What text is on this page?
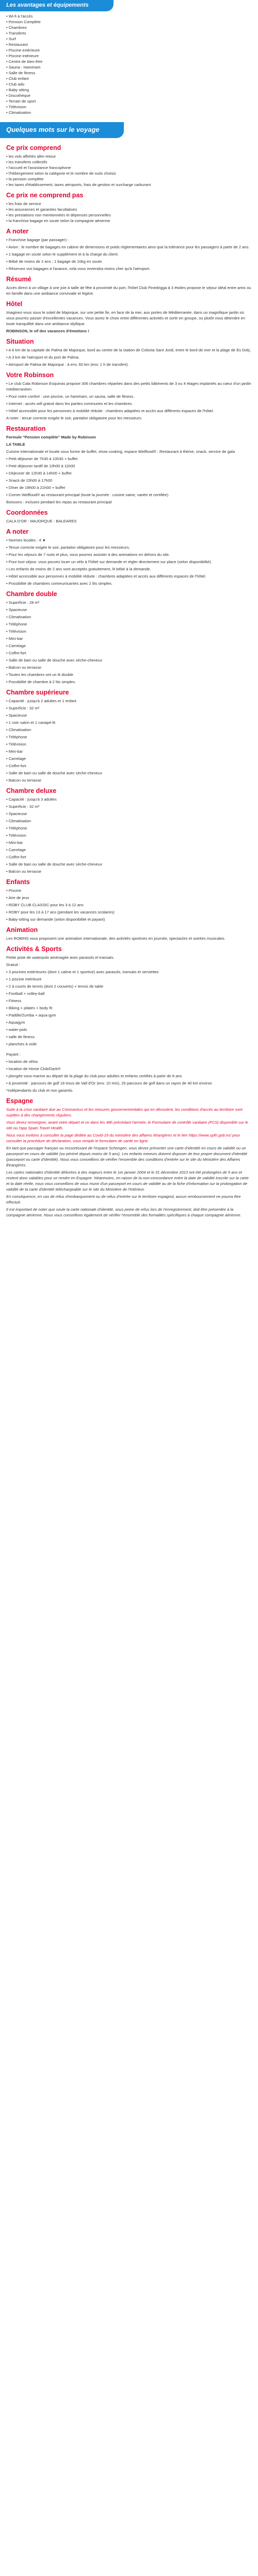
Les avantages et équipements
• Wi-fi à l'accès
• Pension Complète
• Chambres
• Transferts
• Surf
• Restaurant
• Piscine extérieure
• Piscine intérieure
• Centre de bien-être
• Sauna - Hammam
• Salle de fitness
• Club enfant
• Club ado
• Baby sitting
• Discothèque
• Terrain de sport
• Télévision
• Climatisation
Quelques mots sur le voyage
Ce prix comprend
• les vols affrétés aller-retour
• les transferts collectifs
• l'accueil et l'assistance francophone
• l'hébergement selon la catégorie et le nombre de nuits choisis
• la pension complète
• les taxes d'établissement, taxes aéroports, frais de gestion et surcharge carburant
Ce prix ne comprend pas
• les frais de service
• les assurances et garanties facultatives
• les prestations non mentionnées et dépenses personnelles
• la franchise bagage en soute selon la compagnie aérienne
A noter

• Franchise bagage (par passager) :

• Avion : le nombre de bagages en cabine de dimensions et poids réglementaires ainsi que la tolérance pour les passagers à partir de 2 ans.

• 1 bagage en soute selon le supplément et à la charge du client.

• Bébé de moins de 2 ans : 1 bagage de 10kg en soute.

• Réservez vos bagages à l'avance, cela vous reviendra moins cher qu'à l'aéroport.

Résumé

Accès direct à un village à une joie à taille de fête à proximité du port, l'hôtel Club Pinedrigga à 3 étoiles propose le séjour idéal entre amis ou en famille dans une ambiance conviviale et légère.

Hôtel

Imaginez-vous sous le soleil de Majorque, sur une petite île, en face de la mer, aux portes de Méditerranée, dans un magnifique jardin où vous pourrez passer d'excellentes vacances. Vous aurez le choix entre différentes activités et sortir en groupe, ou plutôt vous détendre en toute tranquillité dans une ambiance idyllique.

ROBINSON, le vif des vacances d'émotions !

Situation

• A 6 km de la capitale de Palma de Majorque, bord au centre de la station de Colonia Sant Jordi, entre le bord de mer et la plage de Es Dolç.

• A 3 km de l'aéroport et du port de Palma.

• Aéroport de Palma de Majorque : à env. 60 km (env. 1 h de transfert).

Votre Robinson

• Le club Cala Robinson Esquinas propose 306 chambres réparties dans des petits bâtiments de 3 ou 4 étages implantés au cœur d'un jardin méditerranéen.

• Pour votre confort : une piscine, un hammam, un sauna, salle de fitness.

• Internet : accès wifi gratuit dans les parties communes et les chambres.

• Hôtel accessible pour les personnes à mobilité réduite : chambres adaptées et accès aux différents espaces de l'hôtel.

A noter : tenue correcte exigée le soir, pantalon obligatoire pour les messieurs.

Restauration

Formule "Pension complète" Made by Robinson

LA TABLE

Cuisine internationale et locale sous forme de buffet, show cooking, espace Wellfood® : Restaurant à thème, snack, service de gala

• Petit déjeuner de 7h30 à 10h30 + buffet

• Petit déjeuner tardif de 10h00 à 11h00

• Déjeuner de 12h30 à 14h00 + buffet

• Snack de 15h00 à 17h00

• Dîner de 19h00 à 21h00 + buffet

• Corner Wellfood® au restaurant principal (toute la journée : cuisine saine, variée et certifiée)

Boissons : incluses pendant les repas au restaurant principal

Coordonnées

CALA D'OR - MAJORQUE - BALEARES

A noter

• Normes locales : 4 ★

• Tenue correcte exigée le soir, pantalon obligatoire pour les messieurs.

• Pour les séjours de 7 nuits et plus, vous pourrez assister à des animations en dehors du site.

• Pour tout séjour, vous pouvez louer un vélo à l'hôtel sur demande et régler directement sur place (selon disponibilité).

• Les enfants de moins de 2 ans sont acceptés gratuitement, lit bébé à la demande.

• Hôtel accessible aux personnes à mobilité réduite : chambres adaptées et accès aux différents espaces de l'hôtel.

• Possibilité de chambres communicantes avec 2 lits simples.

Chambre double

• Superficie : 28 m²

• Spacieuse

• Climatisation

• Téléphone

• Télévision

• Mini-bar

• Carrelage

• Coffre-fort

• Salle de bain ou salle de douche avec sèche-cheveux

• Balcon ou terrasse

• Toutes les chambres ont un lit double

• Possibilité de chambre à 2 lits simples.

Chambre supérieure

• Capacité : jusqu'à 2 adultes et 1 enfant

• Superficie : 32 m²

• Spacieuse

• 1 coin salon et 1 canapé-lit

• Climatisation

• Téléphone

• Télévision

• Mini-bar

• Carrelage

• Coffre-fort

• Salle de bain ou salle de douche avec sèche-cheveux

• Balcon ou terrasse

Chambre deluxe

• Capacité : jusqu'à 3 adultes

• Superficie : 32 m²

• Spacieuse

• Climatisation

• Téléphone

• Télévision

• Mini-bar

• Carrelage

• Coffre-fort

• Salle de bain ou salle de douche avec sèche-cheveux

• Balcon ou terrasse

Enfants

• Piscine

• Aire de jeux

• ROBY CLUB CLASSIC pour les 3 à 12 ans

• ROBY pour les 13 à 17 ans (pendant les vacances scolaires)

• Baby-sitting sur demande (selon disponibilité et payant)

Animation

Les ROBINS vous proposent une animation internationale, des activités sportives en journée, spectacles et soirées musicales.

Activités & Sports

Petite piste de waterpolo aménagée avec parasols et transats.

Gratuit :

• 3 piscines extérieures (dont 1 calme et 1 sportive) avec parasols, transats et serviettes

• 1 piscine intérieure

• 2 à courts de tennis (dont 2 couverts) + tennis de table

• Football + volley-ball

• Fitness

• Biking + pilates + body fit

• Paddle/Zumba + aqua-gym

• Aquagym

• water-polo

• salle de fitness

• planches à voile

Payant :

• location de vélos

• location de Horse Club/Dark®

• plongée sous-marine au départ de la plage du club pour adultes et enfants certifiés à partir de 8 ans

• à proximité : parcours de golf 18 trous de Vall d'Or (env. 10 min), 25 parcours de golf dans un rayon de 40 km environ

*Indépendants du club et non garantis.

Espagne

Suite à la crise sanitaire due au Coronavirus et les mesures gouvernementales qui en découlent, les conditions d'accès au territoire sont sujettes à des changements réguliers.

Vous devez renseigner, avant votre départ et ce dans les 48h précédant l'arrivée, le Formulaire de contrôle sanitaire (FCS) disponible sur le site ou l'app Spain Travel Health.

Nous vous invitons à consulter la page dédiée au Covid-19 du ministère des affaires étrangères et le lien https://www.spth.gob.es/ pour consulter la procédure de déclaration, vous remplir le formulaire de santé en ligne.

En tant que passager français ou ressortissant de l'espace Schengen, vous devez présenter une carte d'identité en cours de validité ou un passeport en cours de validité (ou périmé depuis moins de 5 ans). Les enfants mineurs doivent disposer de leur propre document d'identité (passeport ou carte d'identité). Nous vous conseillons de vérifier l'ensemble des conditions d'entrée sur le site du Ministère des Affaires Étrangères.

Les cartes nationales d'identité délivrées à des majeurs entre le 1er janvier 2004 et le 31 décembre 2013 ont été prolongées de 5 ans et restent donc valables pour se rendre en Espagne. Néanmoins, en raison de la non-concordance entre la date de validité inscrite sur la carte et la date réelle, nous vous conseillons de vous munir d'un passeport en cours de validité ou de la fiche d'information sur la prolongation de validité de la carte d'identité téléchargeable sur le site du Ministère de l'Intérieur.

En conséquence, en cas de refus d'embarquement ou de refus d'entrée sur le territoire espagnol, aucun remboursement ne pourra être effectué.

Il est important de noter que seule la carte nationale d'identité, sous peine de refus lors de l'enregistrement, doit être présentée à la compagnie aérienne. Nous vous conseillons également de vérifier l'ensemble des formalités spécifiques à chaque compagnie aérienne.
